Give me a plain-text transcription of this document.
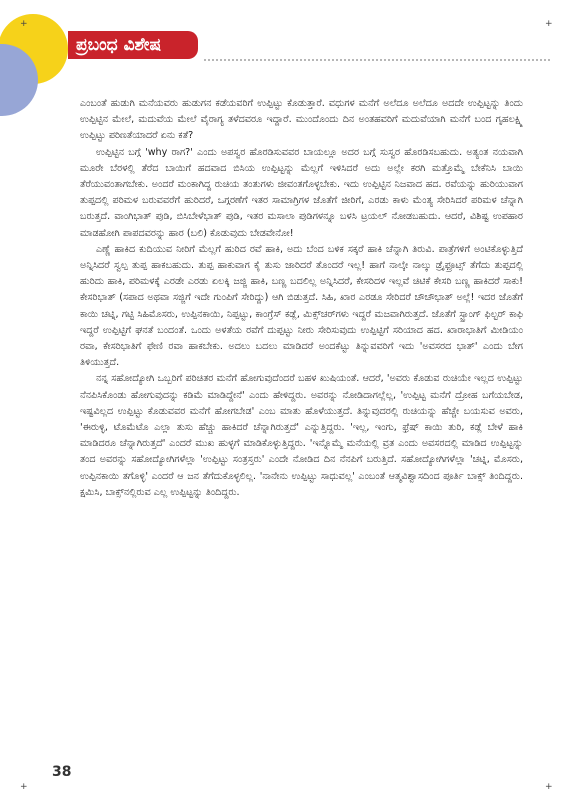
ಪ್ರಬಂಧ ವಿಶೇಷ
+	+
+	+

ಎಂಬಂತೆ ಹುಡುಗಿ ಮನೆಯವರು ಹುಡುಗನ ಕಡೆಯವರಿಗೆ ಉಪ್ಪಿಟ್ಟು ಕೊಡುತ್ತಾರೆ. ವಧುಗಳ ಮನೆಗೆ ಅಲೆದೂ ಅಲೆದೂ ಅದದೇ ಉಪ್ಪಿಟ್ಟನ್ನು ತಿಂದು ಉಪ್ಪಿಟ್ಟಿನ ಮೇಲೆ, ಮದುವೆಯ ಮೇಲೆ ವೈರಾಗ್ಯ ತಳೆದವರೂ ಇದ್ದಾರೆ. ಮುಂದೊಂದು ದಿನ ಅಂತಹವರಿಗೆ ಮದುವೆಯಾಗಿ ಮನೆಗೆ ಬಂದ ಗೃಹಲಕ್ಷ್ಮಿ ಉಪ್ಪಿಟ್ಟು ಪರಿಣತೆಯಾದರೆ ಏನು ಕತೆ?

ಉಪ್ಪಿಟ್ಟಿನ ಬಗ್ಗೆ 'why ರಾಗ?' ಎಂದು ಅಪಸ್ವರ ಹೊರಡಿಸುವವರ ಬಾಯಲ್ಲೂ ಅದರ ಬಗ್ಗೆ ಸುಸ್ವರ ಹೊರಡಿಸಬಹುದು. ಅತ್ಯಂತ ನಯವಾಗಿ ಮೂರೇ ಬೆರಳಲ್ಲಿ ತೆರೆದ ಬಾಯಿಗೆ ಹದವಾದ ಬಿಸಿಯ ಉಪ್ಪಿಟ್ಟನ್ನು ಮೆಲ್ಲಗೆ ಇಳಿಸಿದರೆ ಅದು ಅಲ್ಲೇ ಕರಗಿ ಮತ್ತೊಮ್ಮೆ ಬೇಕೆನಿಸಿ ಬಾಯಿ ತೆರೆಯುವಂತಾಗಬೇಕು. ಅಂದರೆ ಮಂಕಾಗಿದ್ದ ರುಚಿಯ ತಂತುಗಳು ಜೀವಂತಗೊಳ್ಳಬೇಕು. ಇದು ಉಪ್ಪಿಟ್ಟಿನ ನಿಜವಾದ ಹದ. ರವೆಯನ್ನು ಹುರಿಯುವಾಗ ತುಪ್ಪದಲ್ಲಿ ಪರಿಮಳ ಬರುವವರೆಗೆ ಹುರಿದರೆ, ಒಗ್ಗರಣೆಗೆ ಇತರ ಸಾಮಾಗ್ರಿಗಳ ಜೊತೆಗೆ ಜೀರಿಗೆ, ಎರಡು ಕಾಳು ಮೆಂತ್ಯ ಸೇರಿಸಿದರೆ ಪರಿಮಳ ಚೆನ್ನಾಗಿ ಬರುತ್ತದೆ. ವಾಂಗಿಭಾತ್ ಪುಡಿ, ಬಿಸಿಬೇಳೆಭಾತ್ ಪುಡಿ, ಇತರ ಮಸಾಲಾ ಪುಡಿಗಳನ್ನೂ ಬಳಸಿ ಟ್ರಯಲ್ ನೋಡಬಹುದು. ಆದರೆ, ವಿಶಿಷ್ಟ ಉಪಹಾರ ಮಾಡಹೋಗಿ ಪಾಪದವರನ್ನು ಹಾರ (ಬಲಿ) ಕೊಡುವುದು ಬೇಡವೇನೋ!

ಎಣ್ಣೆ ಹಾಕಿದ ಕುದಿಯುವ ನೀರಿಗೆ ಮೆಲ್ಲಗೆ ಹುರಿದ ರವೆ ಹಾಕಿ, ಅದು ಬೆಂದ ಬಳಿಕ ಸಕ್ಕರೆ ಹಾಕಿ ಚೆನ್ನಾಗಿ ತಿರುವಿ. ಪಾತ್ರೆಗಳಿಗೆ ಅಂಟಿಕೊಳ್ಳುತ್ತಿದೆ ಅನ್ನಿಸಿದರೆ ಸ್ವಲ್ಪ ತುಪ್ಪ ಹಾಕಬಹುದು. ತುಪ್ಪ ಹಾಕುವಾಗ ಕೈ ತುಸು ಜಾರಿದರೆ ತೊಂದರೆ ಇಲ್ಲ! ಹಾಗೆ ನಾಲ್ಕೇ ನಾಲ್ಕು ಡ್ರೈಫ್ರೂಟ್ಸ್ ತೆಗೆದು ತುಪ್ಪದಲ್ಲಿ ಹುರಿದು ಹಾಕಿ, ಪರಿಮಳಕ್ಕೆ ಎರಡೇ ಎರಡು ಏಲಕ್ಕಿ ಜಜ್ಜಿ ಹಾಕಿ, ಬಣ್ಣ ಬದಲಿಲ್ಲ ಅನ್ನಿಸಿದರೆ, ಕೇಸರಿದಳ ಇಲ್ಲವೆ ಚಿಟಿಕೆ ಕೇಸರಿ ಬಣ್ಣ ಹಾಕಿದರೆ ಸಾಕು! ಕೇಸರಿಭಾತ್ (ಸಪಾದ ಅಥವಾ ಸಜ್ಜಿಗೆ ಇದೇ ಗುಂಪಿಗೆ ಸೇರಿದ್ದು) ಆಗಿ ಬಿಡುತ್ತದೆ. ಸಿಹಿ, ಖಾರ ಎರಡೂ ಸೇರಿದರೆ ಚೌಚೌಭಾತ್ ಅಲ್ಲೆ! ಇದರ ಜೊತೆಗೆ ಕಾಯಿ ಚಟ್ನಿ, ಗಟ್ಟಿ ಸಿಹಿಮೊಸರು, ಉಪ್ಪಿನಕಾಯಿ, ನಿಪ್ಪಟ್ಟು, ಕಾಂಗ್ರೆಸ್ ಕಡ್ಲೆ, ಮಿಕ್ಸ್‌ಚರ್‌ಗಳು ಇದ್ದರೆ ಮಜವಾಗಿರುತ್ತದೆ. ಜೊತೆಗೆ ಸ್ಟ್ರಾಂಗ್ ಫಿಲ್ಟರ್ ಕಾಫಿ ಇದ್ದರೆ ಉಪ್ಪಿಟ್ಟಿಗೆ ಘನತೆ ಬಂದಂತೆ. ಒಂದು ಅಳತೆಯ ರವೆಗೆ ದುಪ್ಪಟ್ಟು ನೀರು ಸೇರಿಸುವುದು ಉಪ್ಪಿಟ್ಟಿಗೆ ಸರಿಯಾದ ಹದ. ಖಾರಾಭಾತಿಗೆ ಮೀಡಿಯಂ ರವಾ, ಕೇಸರಿಭಾತಿಗೆ ಫೇಣಿ ರವಾ ಹಾಕಬೇಕು. ಅದಲು ಬದಲು ಮಾಡಿದರೆ ಅಂದಕೆಟ್ಟು ತಿನ್ನುವವರಿಗೆ ಇದು 'ಅವಸರದ ಭಾತ್' ಎಂದು ಬೇಗ ತಿಳಿಯುತ್ತದೆ.

ನನ್ನ ಸಹೋದ್ಯೋಗಿ ಒಬ್ಬರಿಗೆ ಪರಿಚಿತರ ಮನೆಗೆ ಹೋಗುವುದೆಂದರೆ ಬಹಳ ಖುಷಿಯಂತೆ. ಆದರೆ, 'ಅವರು ಕೊಡುವ ರುಚಿಯೇ ಇಲ್ಲದ ಉಪ್ಪಿಟ್ಟು ನೆನಪಿಸಿಕೊಂಡು ಹೋಗುವುದನ್ನು ಕಡಿಮೆ ಮಾಡಿದ್ದೇನೆ' ಎಂದು ಹೇಳಿದ್ದರು. ಅವರನ್ನು ನೋಡಿದಾಗಲ್ಲೆಲ್ಲ, 'ಉಪ್ಪಿಟ್ಟ ಮನೆಗೆ ದ್ರೋಹ ಬಗೆಯಬೇಡ, ಇಷ್ಟವಿಲ್ಲದ ಉಪ್ಪಿಟ್ಟು ಕೊಡುವವರ ಮನೆಗೆ ಹೋಗಬೇಡ' ಎಂಬ ಮಾತು ಹೊಳೆಯುತ್ತದೆ. ತಿನ್ನುವುದರಲ್ಲಿ ರುಚಿಯನ್ನು ಹೆಚ್ಚೇ ಬಯಸುವ ಅವರು, 'ಈರುಳ್ಳಿ, ಟೊಮೆಟೊ ಎಲ್ಲಾ ತುಸು ಹೆಚ್ಚು ಹಾಕಿದರೆ ಚೆನ್ನಾಗಿರುತ್ತದೆ' ಎನ್ನುತ್ತಿದ್ದರು. 'ಇಲ್ಲ, ಇಂಗು, ಫ್ರೆಷ್ ಕಾಯಿ ತುರಿ, ಕಡ್ಲೆ ಬೇಳೆ ಹಾಕಿ ಮಾಡಿದರೂ ಚೆನ್ನಾಗಿರುತ್ತದೆ' ಎಂದರೆ ಮುಖ ಹುಳ್ಳಗೆ ಮಾಡಿಕೊಳ್ಳುತ್ತಿದ್ದರು. 'ಇನ್ನೊಮ್ಮೆ ಮನೆಯಲ್ಲಿ ವ್ರತ ಎಂದು ಅವಸರದಲ್ಲಿ ಮಾಡಿದ ಉಪ್ಪಿಟ್ಟನ್ನು ತಂದ ಅವರನ್ನು ಸಹೋದ್ಯೋಗಿಗಳೆಲ್ಲಾ 'ಉಪ್ಪಿಟ್ಟು ಸಂತ್ರಸ್ತರು' ಎಂದೇ ನೋಡಿದ ದಿನ ನೆನಪಿಗೆ ಬರುತ್ತಿದೆ. ಸಹೋದ್ಯೋಗಿಗಳೆಲ್ಲಾ 'ಚಟ್ನಿ, ಮೊಸರು, ಉಪ್ಪಿನಕಾಯಿ ತಗೊಳ್ಳಿ' ಎಂದರೆ ಆ ಜನ ತೆಗೆದುಕೊಳ್ಳಲಿಲ್ಲ. 'ನಾನೇನು ಉಪ್ಪಿಟ್ಟು ಸಾಧುವಲ್ಲ' ಎಂಬಂತೆ ಆತ್ಮವಿಶ್ವಾಸದಿಂದ ಪೂರ್ತಿ ಬಾಕ್ಸ್ ತಿಂದಿದ್ದರು. ಕ್ಷಮಿಸಿ, ಬಾಕ್ಸ್‌ನಲ್ಲಿರುವ ಎಲ್ಲ ಉಪ್ಪಿಟ್ಟನ್ನು ತಿಂದಿದ್ದರು.

38
